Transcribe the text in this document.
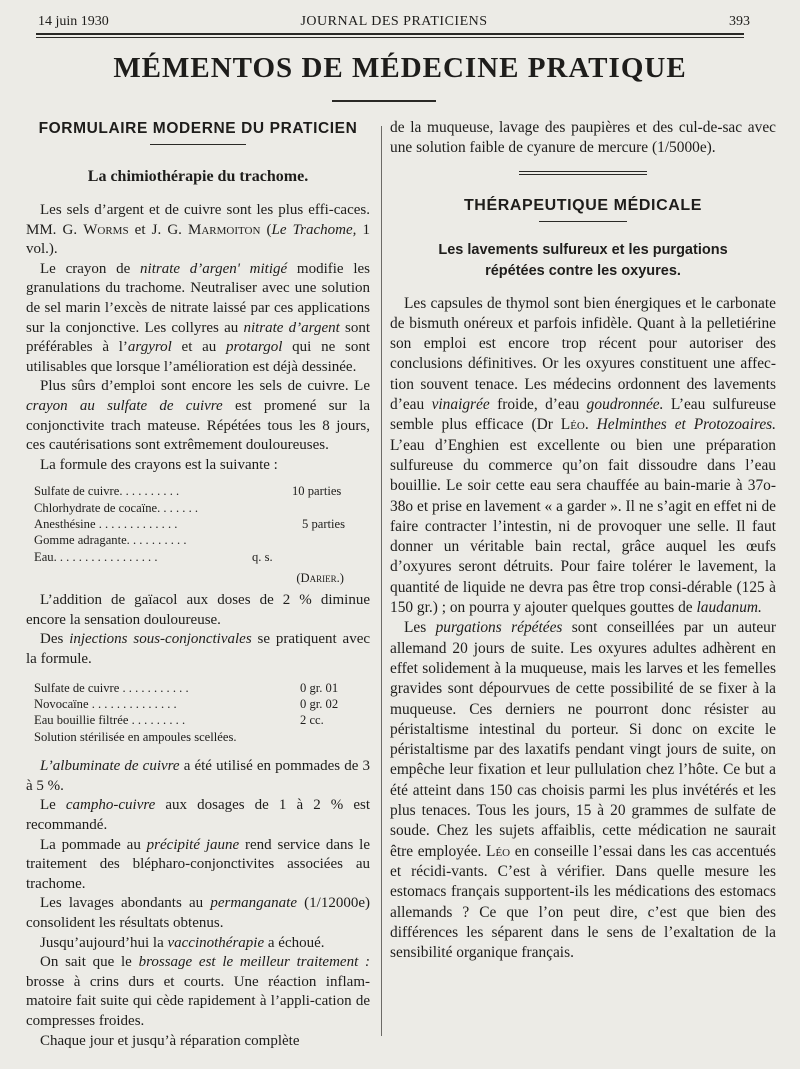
14 juin 1930	JOURNAL DES PRATICIENS	393
MÉMENTOS DE MÉDECINE PRATIQUE
FORMULAIRE MODERNE DU PRATICIEN
La chimiothérapie du trachome.

Les sels d’argent et de cuivre sont les plus effi-caces. MM. G. Worms et J. G. Marmoiton (Le Trachome, 1 vol.).

Le crayon de nitrate d’argen' mitigé modifie les granulations du trachome. Neutraliser avec une solution de sel marin l’excès de nitrate laissé par ces applications sur la conjonctive. Les collyres au nitrate d’argent sont préférables à l’argyrol et au protargol qui ne sont utilisables que lorsque l’amélioration est déjà dessinée.

Plus sûrs d’emploi sont encore les sels de cuivre. Le crayon au sulfate de cuivre est promené sur la conjonctivite trach mateuse. Répétées tous les 8 jours, ces cautérisations sont extrêmement douloureuses.

La formule des crayons est la suivante :

Sulfate de cuivre. . . . . . . . . .	10 parties
Chlorhydrate de cocaïne. . . . . . .
Anesthésine . . . . . . . . . . . . .	5 parties
Gomme adragante. . . . . . . . . .
Eau. . . . . . . . . . . . . . . . .	q. s.
(Darier.)

L’addition de gaïacol aux doses de 2 % diminue encore la sensation douloureuse.

Des injections sous-conjonctivales se pratiquent avec la formule.

Sulfate de cuivre . . . . . . . . . . .	0 gr. 01
Novocaïne . . . . . . . . . . . . . .	0 gr. 02
Eau bouillie filtrée . . . . . . . . .	2 cc.
Solution stérilisée en ampoules scellées.

L’albuminate de cuivre a été utilisé en pommades de 3 à 5 %.

Le campho-cuivre aux dosages de 1 à 2 % est recommandé.

La pommade au précipité jaune rend service dans le traitement des blépharo-conjonctivites associées au trachome.

Les lavages abondants au permanganate (1/12000e) consolident les résultats obtenus.

Jusqu’aujourd’hui la vaccinothérapie a échoué.

On sait que le brossage est le meilleur traitement : brosse à crins durs et courts. Une réaction inflam-matoire fait suite qui cède rapidement à l’appli-cation de compresses froides.

Chaque jour et jusqu’à réparation complète

de la muqueuse, lavage des paupières et des cul-de-sac avec une solution faible de cyanure de mercure (1/5000e).

THÉRAPEUTIQUE MÉDICALE
Les lavements sulfureux et les purgations répétées contre les oxyures.

Les capsules de thymol sont bien énergiques et le carbonate de bismuth onéreux et parfois infidèle. Quant à la pelletiérine son emploi est encore trop récent pour autoriser des conclusions définitives. Or les oxyures constituent une affec-tion souvent tenace. Les médecins ordonnent des lavements d’eau vinaigrée froide, d’eau goudronnée. L’eau sulfureuse semble plus efficace (Dr Léo. Helminthes et Protozoaires. L’eau d’Enghien est excellente ou bien une préparation sulfureuse du commerce qu’on fait dissoudre dans l’eau bouillie. Le soir cette eau sera chauffée au bain-marie à 37o-38o et prise en lavement « a garder ». Il ne s’agit en effet ni de faire contracter l’intestin, ni de provoquer une selle. Il faut donner un véritable bain rectal, grâce auquel les œufs d’oxyures seront détruits. Pour faire tolérer le lavement, la quantité de liquide ne devra pas être trop consi-dérable (125 à 150 gr.) ; on pourra y ajouter quelques gouttes de laudanum.

Les purgations répétées sont conseillées par un auteur allemand 20 jours de suite. Les oxyures adultes adhèrent en effet solidement à la muqueuse, mais les larves et les femelles gravides sont dépourvues de cette possibilité de se fixer à la muqueuse. Ces derniers ne pourront donc résister au péristaltisme intestinal du porteur. Si donc on excite le péristaltisme par des laxatifs pendant vingt jours de suite, on empêche leur fixation et leur pullulation chez l’hôte. Ce but a été atteint dans 150 cas choisis parmi les plus invétérés et les plus tenaces. Tous les jours, 15 à 20 grammes de sulfate de soude. Chez les sujets affaiblis, cette médication ne saurait être employée. Léo en conseille l’essai dans les cas accentués et récidi-vants. C’est à vérifier. Dans quelle mesure les estomacs français supportent-ils les médications des estomacs allemands ? Ce que l’on peut dire, c’est que bien des différences les séparent dans le sens de l’exaltation de la sensibilité organique français.
